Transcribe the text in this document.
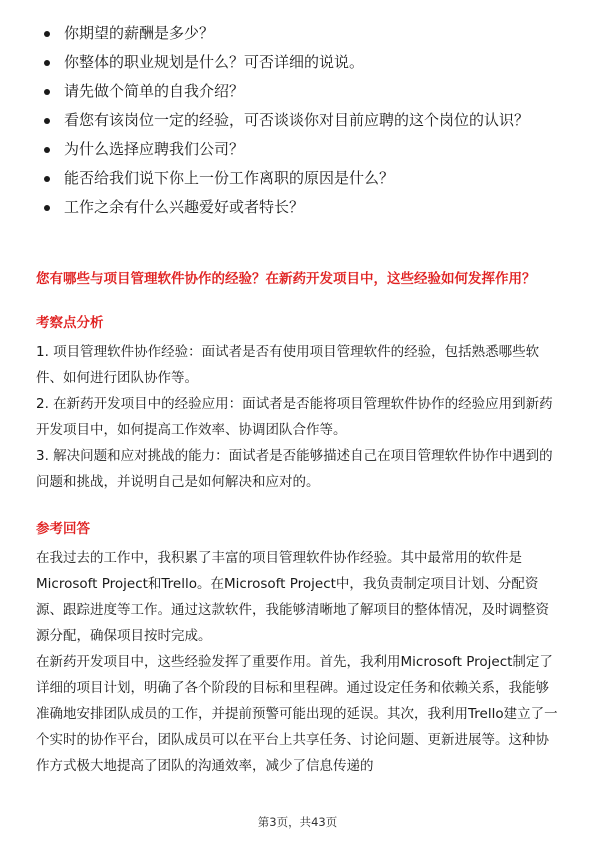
你期望的薪酬是多少？
你整体的职业规划是什么？可否详细的说说。
请先做个简单的自我介绍？
看您有该岗位一定的经验，可否谈谈你对目前应聘的这个岗位的认识？
为什么选择应聘我们公司？
能否给我们说下你上一份工作离职的原因是什么？
工作之余有什么兴趣爱好或者特长？
您有哪些与项目管理软件协作的经验？在新药开发项目中，这些经验如何发挥作用？
考察点分析

1. 项目管理软件协作经验：面试者是否有使用项目管理软件的经验，包括熟悉哪些软件、如何进行团队协作等。

2. 在新药开发项目中的经验应用：面试者是否能将项目管理软件协作的经验应用到新药开发项目中，如何提高工作效率、协调团队合作等。

3. 解决问题和应对挑战的能力：面试者是否能够描述自己在项目管理软件协作中遇到的问题和挑战，并说明自己是如何解决和应对的。

参考回答

在我过去的工作中，我积累了丰富的项目管理软件协作经验。其中最常用的软件是Microsoft Project和Trello。在Microsoft Project中，我负责制定项目计划、分配资源、跟踪进度等工作。通过这款软件，我能够清晰地了解项目的整体情况，及时调整资源分配，确保项目按时完成。

在新药开发项目中，这些经验发挥了重要作用。首先，我利用Microsoft Project制定了详细的项目计划，明确了各个阶段的目标和里程碑。通过设定任务和依赖关系，我能够准确地安排团队成员的工作，并提前预警可能出现的延误。其次，我利用Trello建立了一个实时的协作平台，团队成员可以在平台上共享任务、讨论问题、更新进展等。这种协作方式极大地提高了团队的沟通效率，减少了信息传递的

第3页，共43页
